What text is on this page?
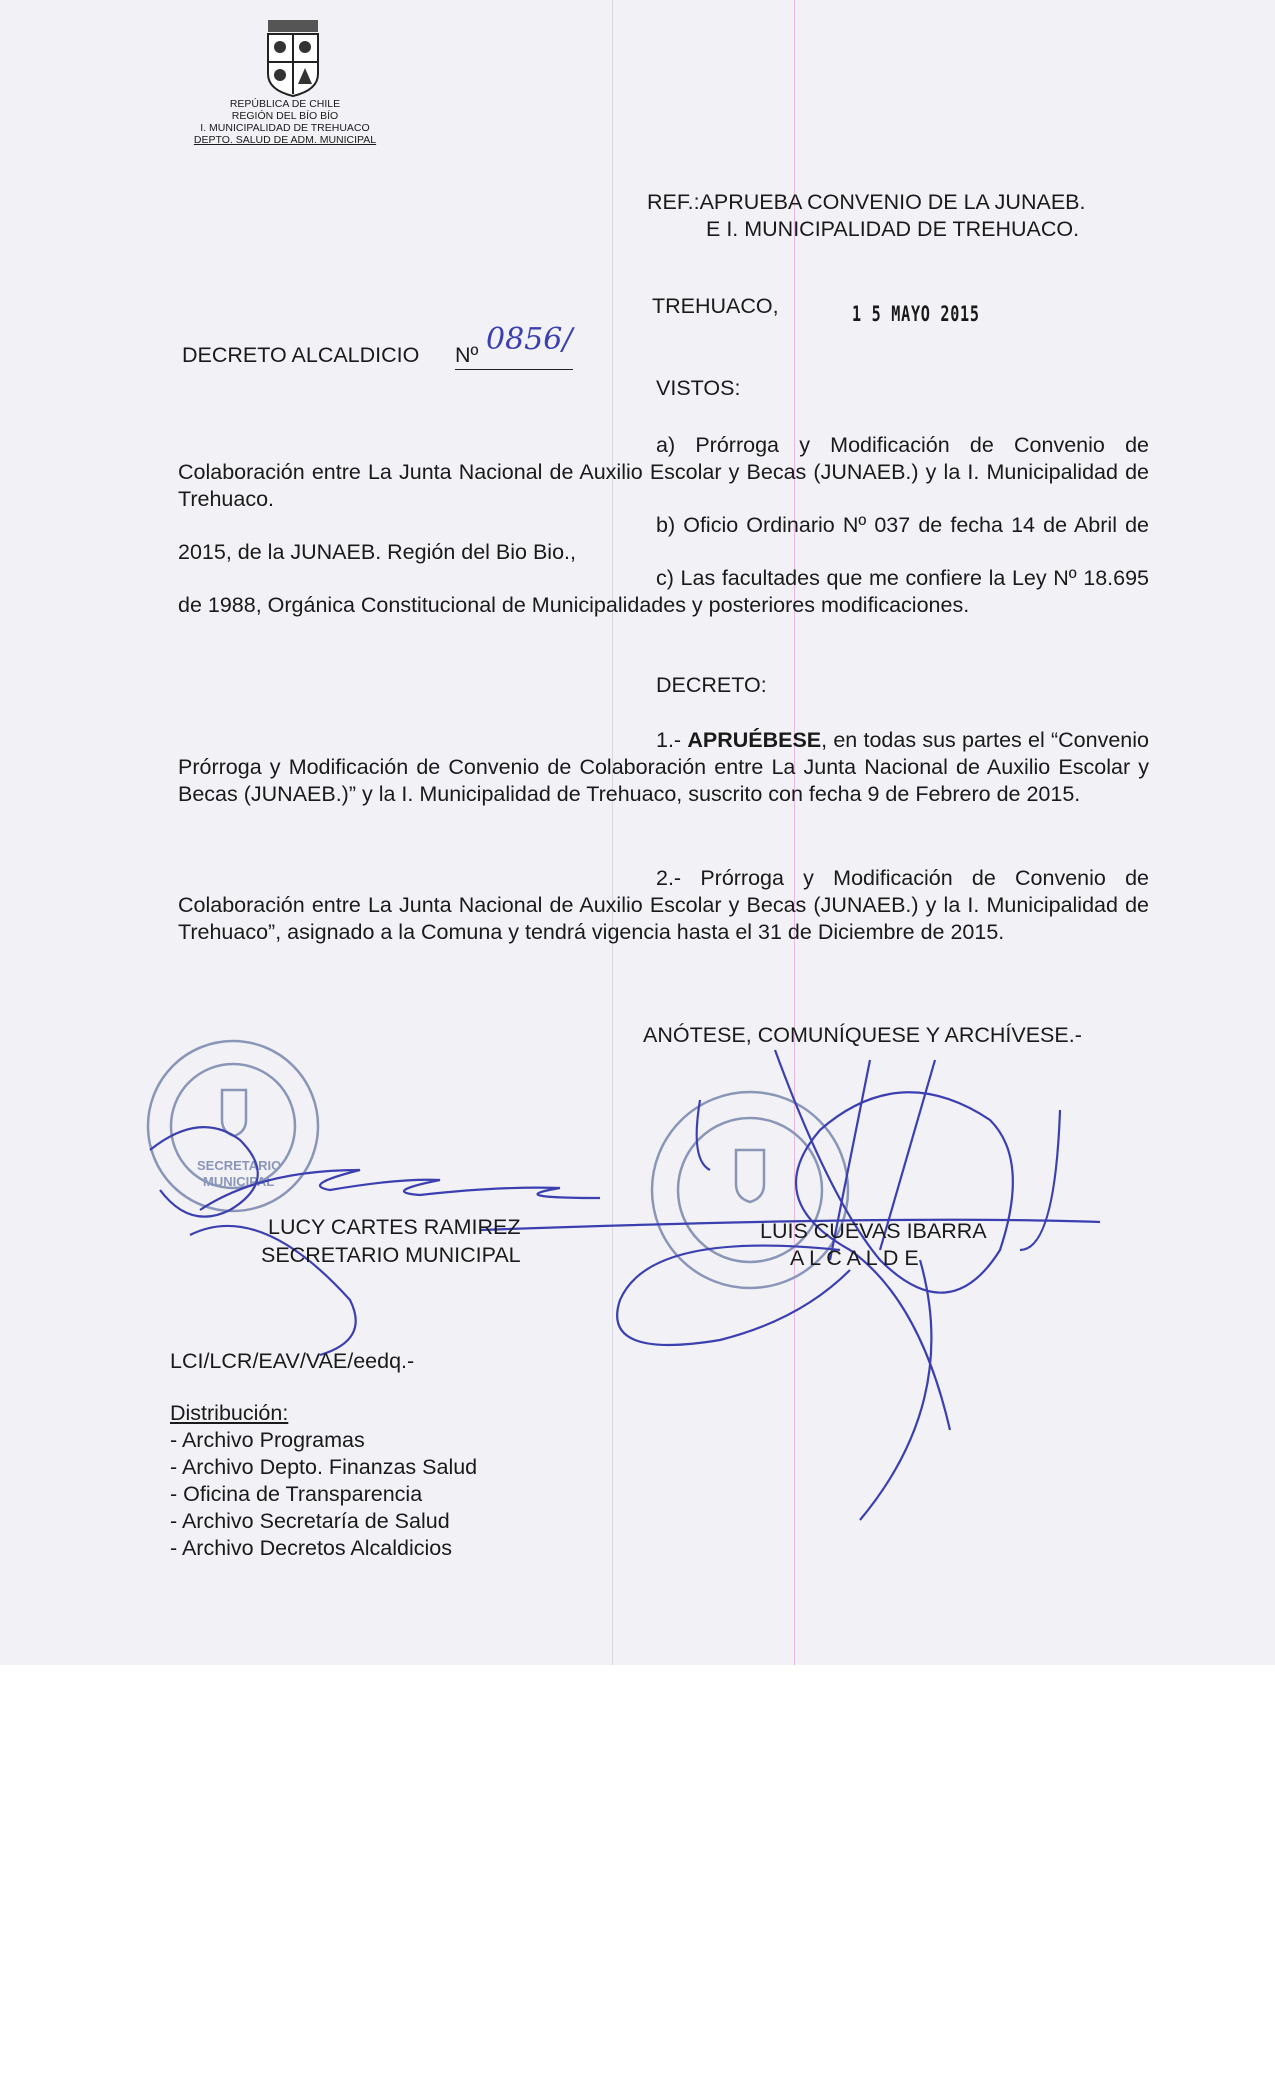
SECRETARIO
MUNICIPAL
REPÚBLICA DE CHILE
REGIÓN DEL BÍO BÍO
I. MUNICIPALIDAD DE TREHUACO
DEPTO. SALUD DE ADM. MUNICIPAL
REF.:APRUEBA CONVENIO DE LA JUNAEB.
E I. MUNICIPALIDAD DE TREHUACO.
TREHUACO,	1 5 MAYO 2015
DECRETO ALCALDICIO Nº 0856/
VISTOS:
a) Prórroga y Modificación de Convenio de Colaboración entre La Junta Nacional de Auxilio Escolar y Becas (JUNAEB.) y la I. Municipalidad de Trehuaco.
b) Oficio Ordinario Nº 037 de fecha 14 de Abril de 2015, de la JUNAEB. Región del Bio Bio.,
c) Las facultades que me confiere la Ley Nº 18.695 de 1988, Orgánica Constitucional de Municipalidades y posteriores modificaciones.
DECRETO:
1.- APRUÉBESE, en todas sus partes el “Convenio Prórroga y Modificación de Convenio de Colaboración entre La Junta Nacional de Auxilio Escolar y Becas (JUNAEB.)” y la I. Municipalidad de Trehuaco, suscrito con fecha 9 de Febrero de 2015.
2.- Prórroga y Modificación de Convenio de Colaboración entre La Junta Nacional de Auxilio Escolar y Becas (JUNAEB.) y la I. Municipalidad de Trehuaco”, asignado a la Comuna y tendrá vigencia hasta el 31 de Diciembre de 2015.
ANÓTESE, COMUNÍQUESE Y ARCHÍVESE.-
LUCY CARTES RAMIREZ
SECRETARIO MUNICIPAL
LUIS CUEVAS IBARRA
A L C A L D E
LCI/LCR/EAV/VAE/eedq.-
Distribución:
- Archivo Programas
- Archivo Depto. Finanzas Salud
- Oficina de Transparencia
- Archivo Secretaría de Salud
- Archivo Decretos Alcaldicios
